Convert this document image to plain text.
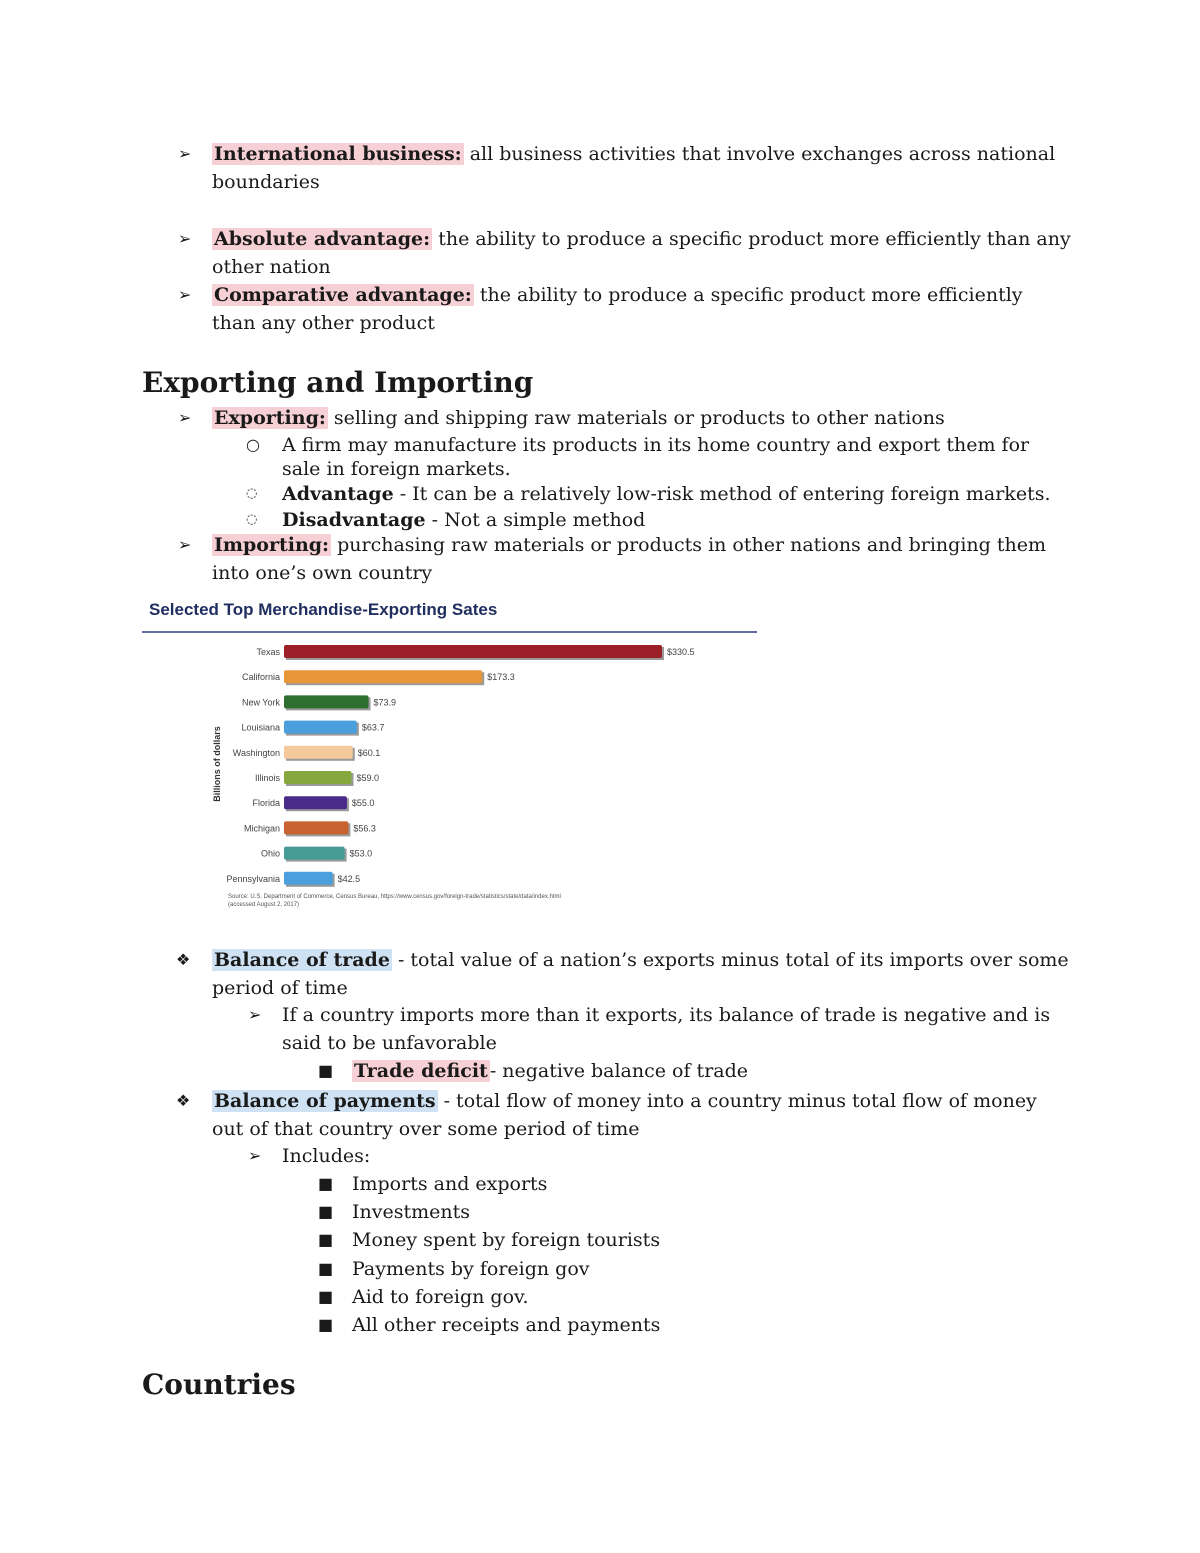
➢ International business: all business activities that involve exchanges across national
boundaries
➢ Absolute advantage: the ability to produce a specific product more efficiently than any
other nation
➢ Comparative advantage: the ability to produce a specific product more efficiently
than any other product
Exporting and Importing
➢ Exporting: selling and shipping raw materials or products to other nations
○ A firm may manufacture its products in its home country and export them for
sale in foreign markets.
◌ Advantage - It can be a relatively low-risk method of entering foreign markets.
◌ Disadvantage - Not a simple method
➢ Importing: purchasing raw materials or products in other nations and bringing them
into one’s own country
Selected Top Merchandise-Exporting Sates
Billions of dollars
Texas	$330.5
California	$173.3
New York	$73.9
Louisiana	$63.7
Washington	$60.1
Illinois	$59.0
Florida	$55.0
Michigan	$56.3
Ohio	$53.0
Pennsylvania	$42.5
Source: U.S. Department of Commerce, Census Bureau, https://www.census.gov/foreign-trade/statistics/state/data/index.html
(accessed August 2, 2017)
❖ Balance of trade - total value of a nation’s exports minus total of its imports over some
period of time
➢ If a country imports more than it exports, its balance of trade is negative and is
said to be unfavorable
■ Trade deficit - negative balance of trade
❖ Balance of payments - total flow of money into a country minus total flow of money
out of that country over some period of time
➢ Includes:
■ Imports and exports
■ Investments
■ Money spent by foreign tourists
■ Payments by foreign gov
■ Aid to foreign gov.
■ All other receipts and payments
Countries
